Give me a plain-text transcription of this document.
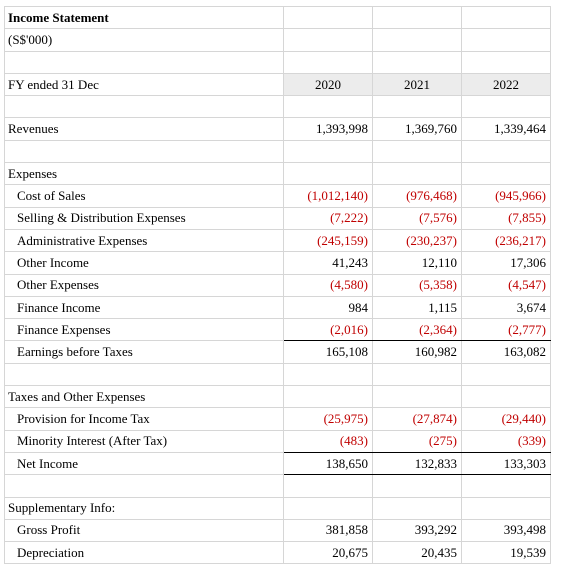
Income Statement			
(S$'000)			

FY ended 31 Dec	2020	2021	2022

Revenues	1,393,998	1,369,760	1,339,464

Expenses			
Cost of Sales	(1,012,140)	(976,468)	(945,966)
Selling & Distribution Expenses	(7,222)	(7,576)	(7,855)
Administrative Expenses	(245,159)	(230,237)	(236,217)
Other Income	41,243	12,110	17,306
Other Expenses	(4,580)	(5,358)	(4,547)
Finance Income	984	1,115	3,674
Finance Expenses	(2,016)	(2,364)	(2,777)
Earnings before Taxes	165,108	160,982	163,082

Taxes and Other Expenses			
Provision for Income Tax	(25,975)	(27,874)	(29,440)
Minority Interest (After Tax)	(483)	(275)	(339)
Net Income	138,650	132,833	133,303

Supplementary Info:			
Gross Profit	381,858	393,292	393,498
Depreciation	20,675	20,435	19,539
